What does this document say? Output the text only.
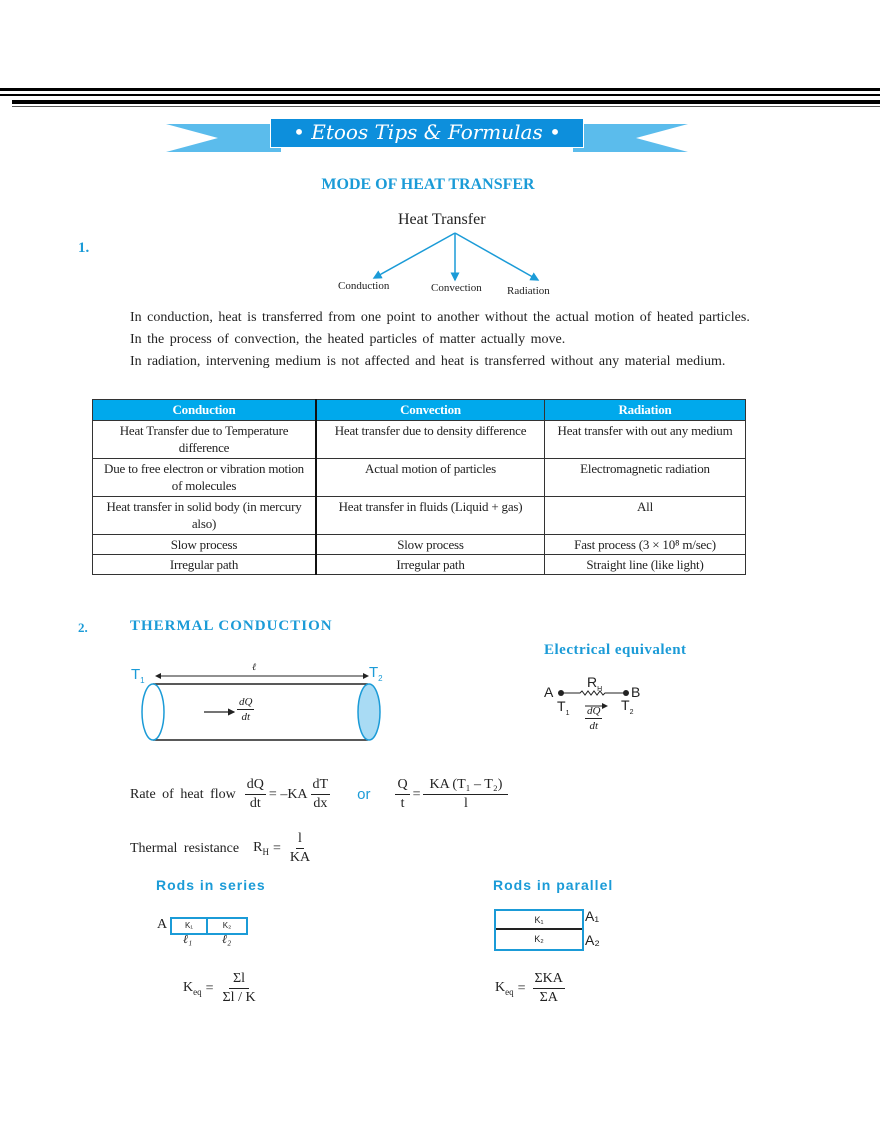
• Etoos Tips & Formulas •
MODE OF HEAT TRANSFER
1.
Heat Transfer
Conduction	Convection Radiation
In conduction, heat is transferred from one point to another without the actual motion of heated particles.
In the process of convection, the heated particles of matter actually move.
In radiation, intervening medium is not affected and heat is transferred without any material medium.
Conduction	Convection	Radiation
Heat Transfer due to Temperature difference	Heat transfer due to density difference	Heat transfer with out any medium
Due to free electron or vibration motion of molecules	Actual motion of particles	Electromagnetic radiation
Heat transfer in solid body (in mercury also)	Heat transfer in fluids (Liquid + gas)	All
Slow process	Slow process	Fast process (3 × 10⁸ m/sec)
Irregular path	Irregular path	Straight line (like light)
2.	THERMAL CONDUCTION
Electrical equivalent
$T_1$	$T_2$
ℓ
$\frac{dQ}{dt}$
A	B
$R_H$
$T_1$
$T_2$
$\frac{dQ}{dt}$
Rate of heat flow $\frac{dQ}{dt} = -KA \frac{dT}{dx}$ or $\frac{Q}{t} = \frac{\text{KA (T₁ – T₂)}}{l}$
Thermal resistance $R_H = \frac{l}{KA}$
Rods in series
A	K₁	K₂
ℓ₁ ℓ₂
$K_{eq} = \frac{\Sigma l}{\Sigma l / K}$
Rods in parallel
K₁
K₂
A₁
A₂
$K_{eq} = \frac{\text{ΣKA}}{\Sigma A}$
